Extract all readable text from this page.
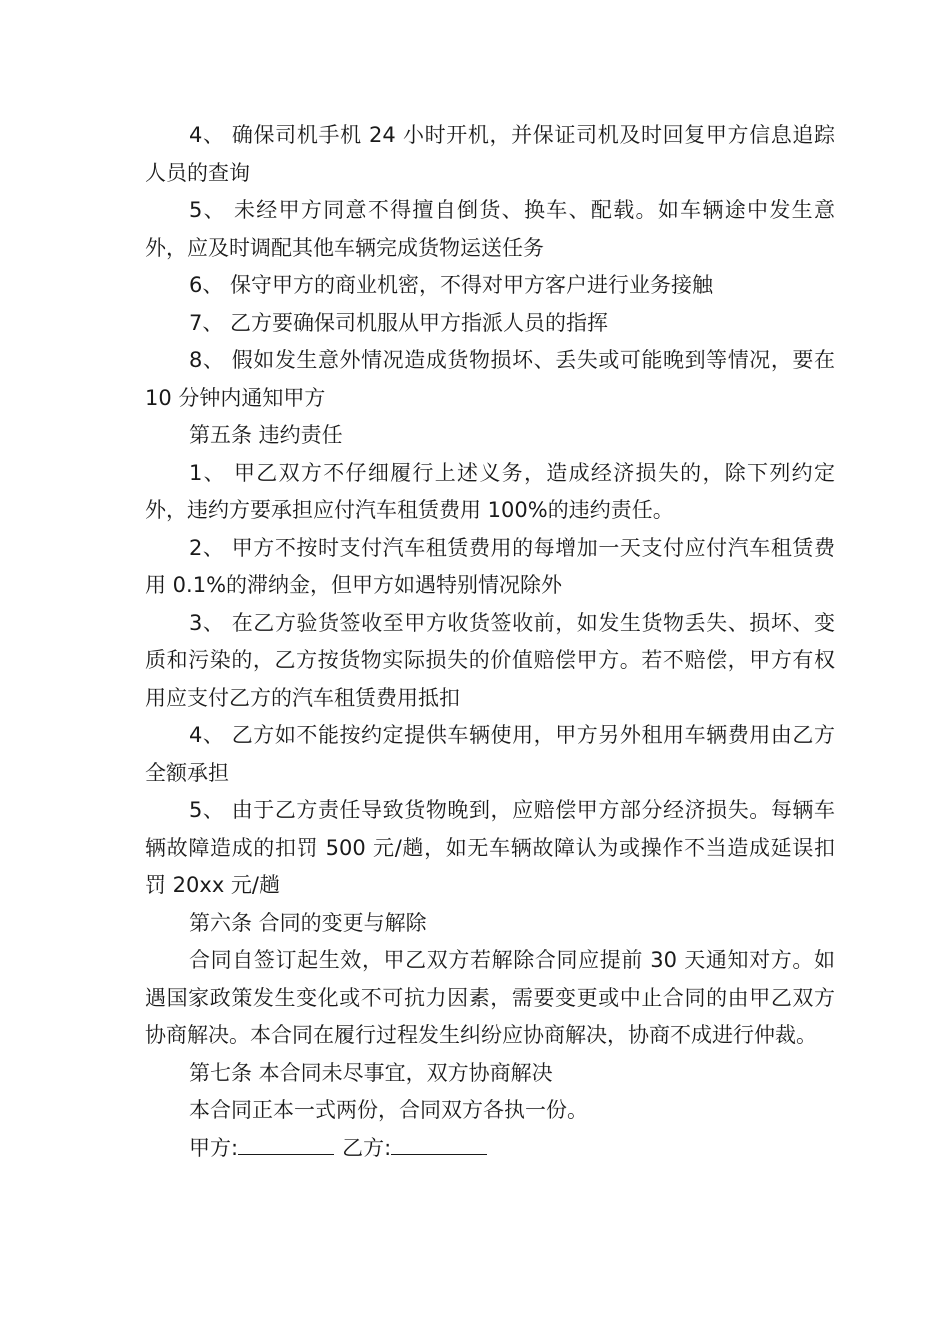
4、 确保司机手机 24 小时开机，并保证司机及时回复甲方信息追踪人员的查询

5、 未经甲方同意不得擅自倒货、换车、配载。如车辆途中发生意外，应及时调配其他车辆完成货物运送任务

6、 保守甲方的商业机密，不得对甲方客户进行业务接触

7、 乙方要确保司机服从甲方指派人员的指挥

8、 假如发生意外情况造成货物损坏、丢失或可能晚到等情况，要在 10 分钟内通知甲方

第五条 违约责任

1、 甲乙双方不仔细履行上述义务，造成经济损失的，除下列约定外，违约方要承担应付汽车租赁费用 100%的违约责任。

2、 甲方不按时支付汽车租赁费用的每增加一天支付应付汽车租赁费用 0.1%的滞纳金，但甲方如遇特别情况除外

3、 在乙方验货签收至甲方收货签收前，如发生货物丢失、损坏、变质和污染的，乙方按货物实际损失的价值赔偿甲方。若不赔偿，甲方有权用应支付乙方的汽车租赁费用抵扣

4、 乙方如不能按约定提供车辆使用，甲方另外租用车辆费用由乙方全额承担

5、 由于乙方责任导致货物晚到，应赔偿甲方部分经济损失。每辆车辆故障造成的扣罚 500 元/趟，如无车辆故障认为或操作不当造成延误扣罚 20xx 元/趟

第六条 合同的变更与解除

合同自签订起生效，甲乙双方若解除合同应提前 30 天通知对方。如遇国家政策发生变化或不可抗力因素，需要变更或中止合同的由甲乙双方协商解决。本合同在履行过程发生纠纷应协商解决，协商不成进行仲裁。

第七条 本合同未尽事宜，双方协商解决

本合同正本一式两份，合同双方各执一份。

甲方:	乙方:
